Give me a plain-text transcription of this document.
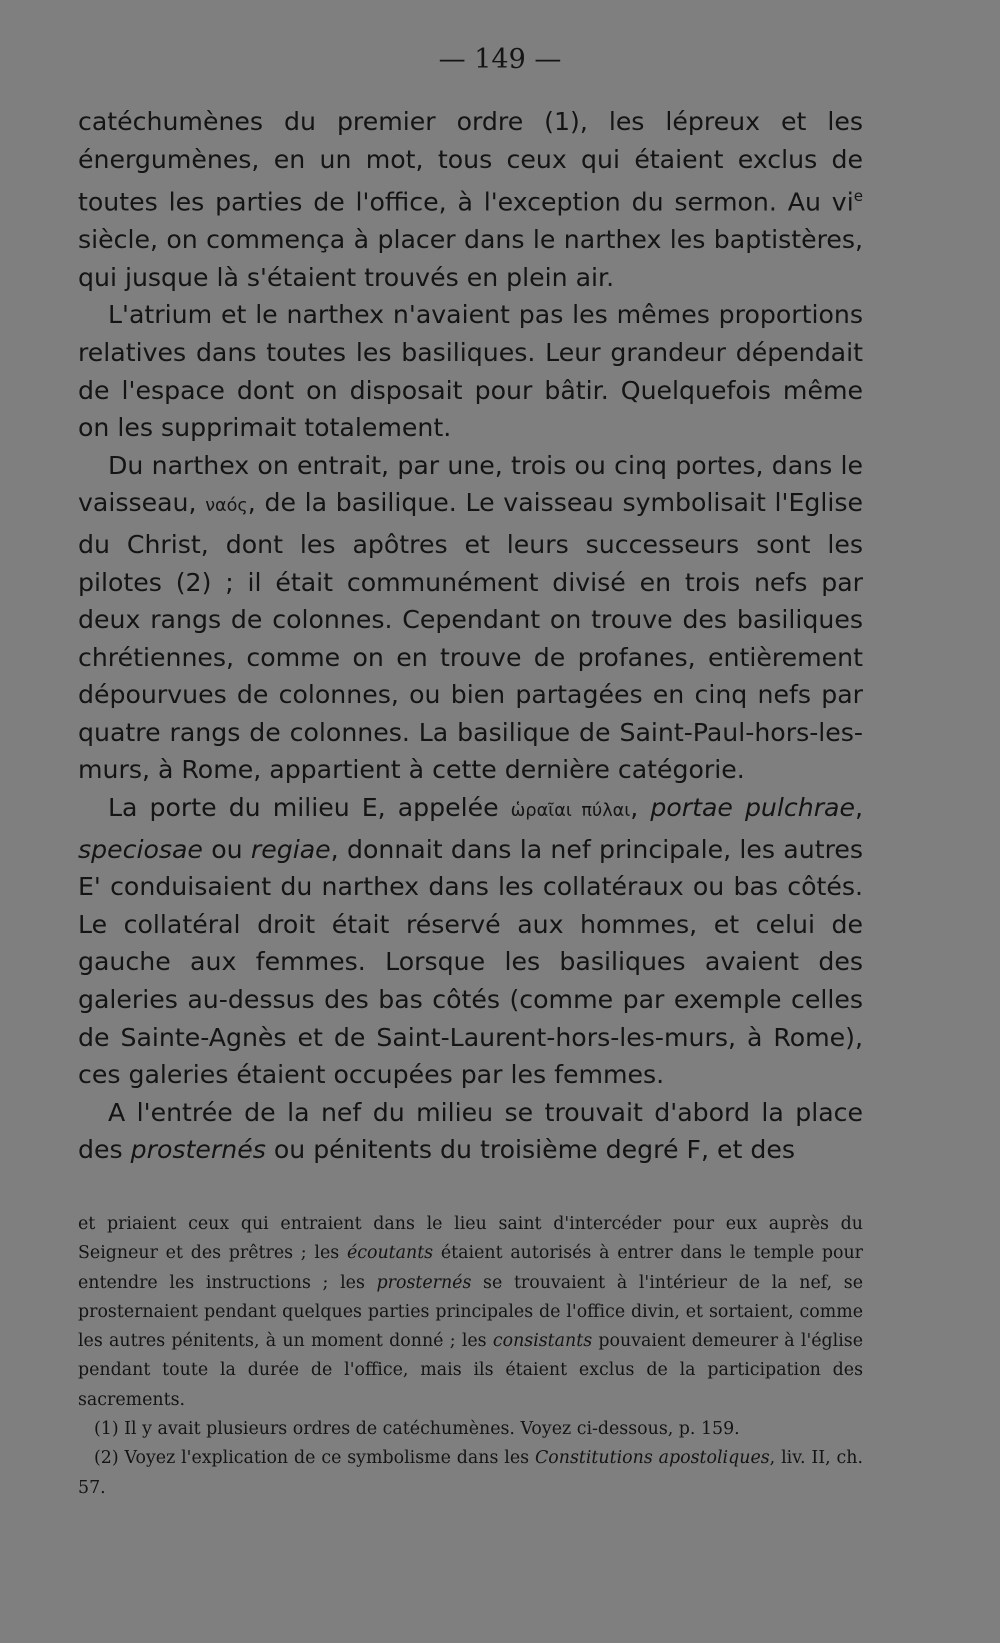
— 149 —

catéchumènes du premier ordre (1), les lépreux et les énergumènes, en un mot, tous ceux qui étaient exclus de toutes les parties de l'office, à l'exception du sermon. Au $vi^e$ siècle, on commença à placer dans le narthex les baptistères, qui jusque là s'étaient trouvés en plein air.

L'atrium et le narthex n'avaient pas les mêmes proportions relatives dans toutes les basiliques. Leur grandeur dépendait de l'espace dont on disposait pour bâtir. Quelquefois même on les supprimait totalement.

Du narthex on entrait, par une, trois ou cinq portes, dans le vaisseau, ναός, de la basilique. Le vaisseau symbolisait l'Eglise du Christ, dont les apôtres et leurs successeurs sont les pilotes (2) ; il était communément divisé en trois nefs par deux rangs de colonnes. Cependant on trouve des basiliques chrétiennes, comme on en trouve de profanes, entièrement dépourvues de colonnes, ou bien partagées en cinq nefs par quatre rangs de colonnes. La basilique de Saint-Paul-hors-les-murs, à Rome, appartient à cette dernière catégorie.

La porte du milieu E, appelée ὡραῖαι πύλαι, portae pulchrae, speciosae ou regiae, donnait dans la nef principale, les autres E' conduisaient du narthex dans les collatéraux ou bas côtés. Le collatéral droit était réservé aux hommes, et celui de gauche aux femmes. Lorsque les basiliques avaient des galeries au-dessus des bas côtés (comme par exemple celles de Sainte-Agnès et de Saint-Laurent-hors-les-murs, à Rome), ces galeries étaient occupées par les femmes.

A l'entrée de la nef du milieu se trouvait d'abord la place des prosternés ou pénitents du troisième degré F, et des

et priaient ceux qui entraient dans le lieu saint d'intercéder pour eux auprès du Seigneur et des prêtres ; les écoutants étaient autorisés à entrer dans le temple pour entendre les instructions ; les prosternés se trouvaient à l'intérieur de la nef, se prosternaient pendant quelques parties principales de l'office divin, et sortaient, comme les autres pénitents, à un moment donné ; les consistants pouvaient demeurer à l'église pendant toute la durée de l'office, mais ils étaient exclus de la participation des sacrements.

(1) Il y avait plusieurs ordres de catéchumènes. Voyez ci-dessous, p. 159.

(2) Voyez l'explication de ce symbolisme dans les Constitutions apostoliques, liv. II, ch. 57.
